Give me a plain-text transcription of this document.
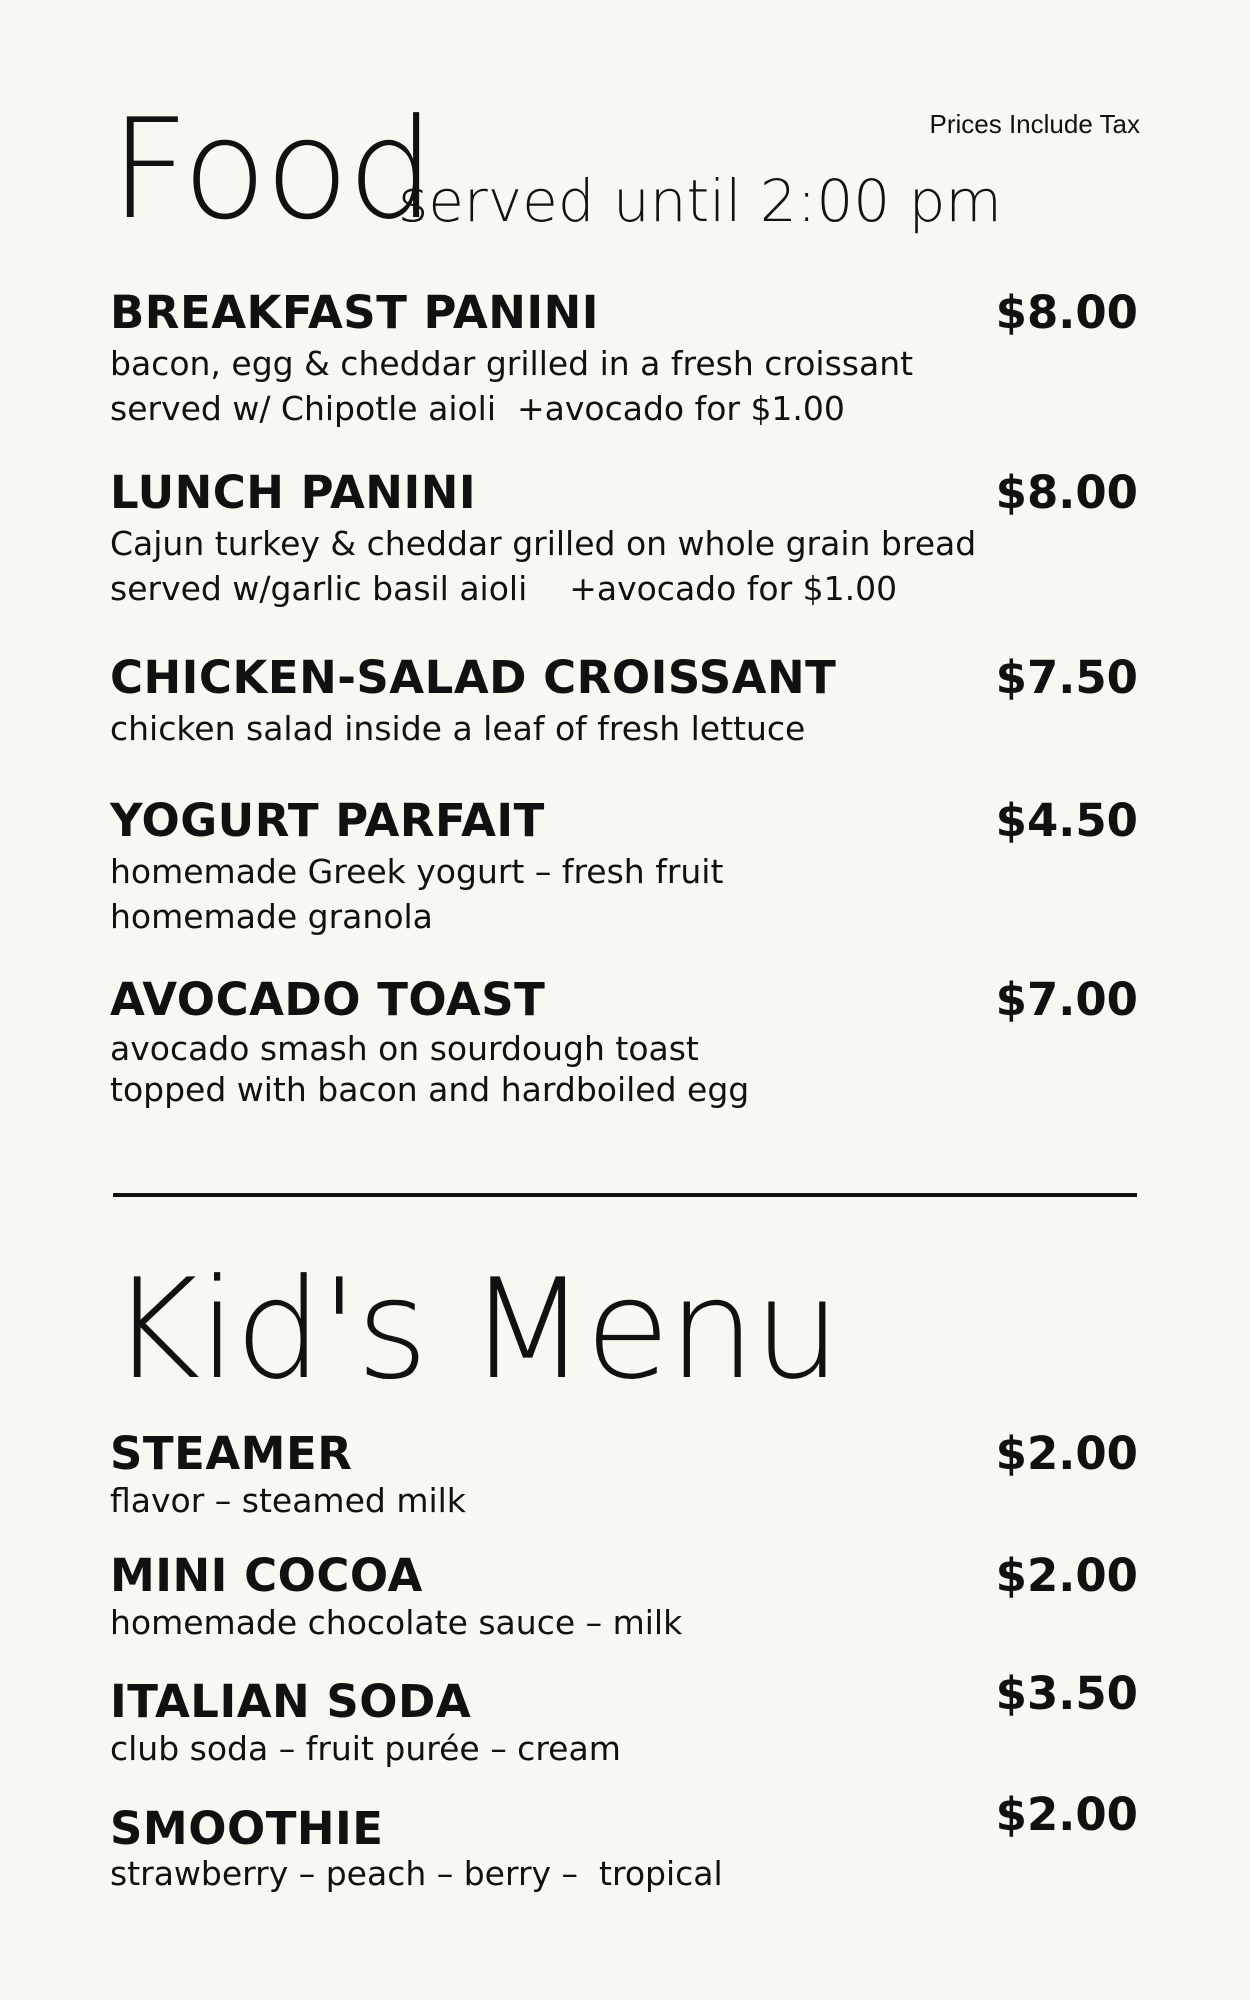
Food
served until 2:00 pm
Prices Include Tax
BREAKFAST PANINI	$8.00
bacon, egg & cheddar grilled in a fresh croissant
served w/ Chipotle aioli  +avocado for $1.00
LUNCH PANINI	$8.00
Cajun turkey & cheddar grilled on whole grain bread
served w/garlic basil aioli    +avocado for $1.00
CHICKEN-SALAD CROISSANT	$7.50
chicken salad inside a leaf of fresh lettuce
YOGURT PARFAIT	$4.50
homemade Greek yogurt – fresh fruit
homemade granola
AVOCADO TOAST	$7.00
avocado smash on sourdough toast
topped with bacon and hardboiled egg
Kid's Menu
STEAMER	$2.00
flavor – steamed milk
MINI COCOA	$2.00
homemade chocolate sauce – milk
ITALIAN SODA	$3.50
club soda – fruit purée – cream
SMOOTHIE	$2.00
strawberry – peach – berry –  tropical
